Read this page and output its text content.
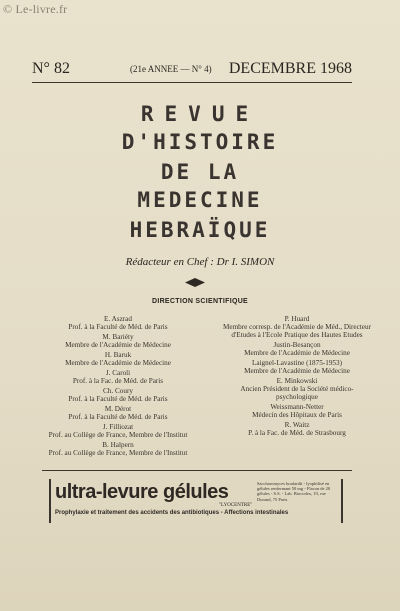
© Le-livre.fr
N° 82	(21e ANNEE — N° 4) DECEMBRE 1968
REVUE
D'HISTOIRE
DE LA
MEDECINE
HEBRAÏQUE
Rédacteur en Chef : Dr I. SIMON
DIRECTION SCIENTIFIQUE
E. Aszrad
Prof. à la Faculté de Méd. de Paris
M. Bariéty
Membre de l'Académie de Médecine
H. Baruk
Membre de l'Académie de Médecine
J. Caroli
Prof. à la Fac. de Méd. de Paris
Ch. Coury
Prof. à la Faculté de Méd. de Paris
M. Dérot
Prof. à la Faculté de Méd. de Paris
J. Filliozat
Prof. au Collège de France, Membre de l'Institut
B. Halpern
Prof. au Collège de France, Membre de l'Institut
P. Huard
Membre corresp. de l'Académie de Méd., Directeur d'Etudes à l'Ecole Pratique des Hautes Etudes
Justin-Besançon
Membre de l'Académie de Médecine
Laignel-Lavastine (1875-1953)
Membre de l'Académie de Médecine
E. Minkowski
Ancien Président de la Société médico-psychologique
Weissmann-Netter
Médecin des Hôpitaux de Paris
R. Waitz
P. à la Fac. de Méd. de Strasbourg
ultra-levure gélules
"LYOCENTRE"
Saccharomyces boulardii - lyophilisé en gélules renfermant 50 mg - Flacon de 20 gélules - S.S. - Lab. Biocodex, 19, rue Durand, 75 Paris
Prophylaxie et traitement des accidents des antibiotiques - Affections intestinales
